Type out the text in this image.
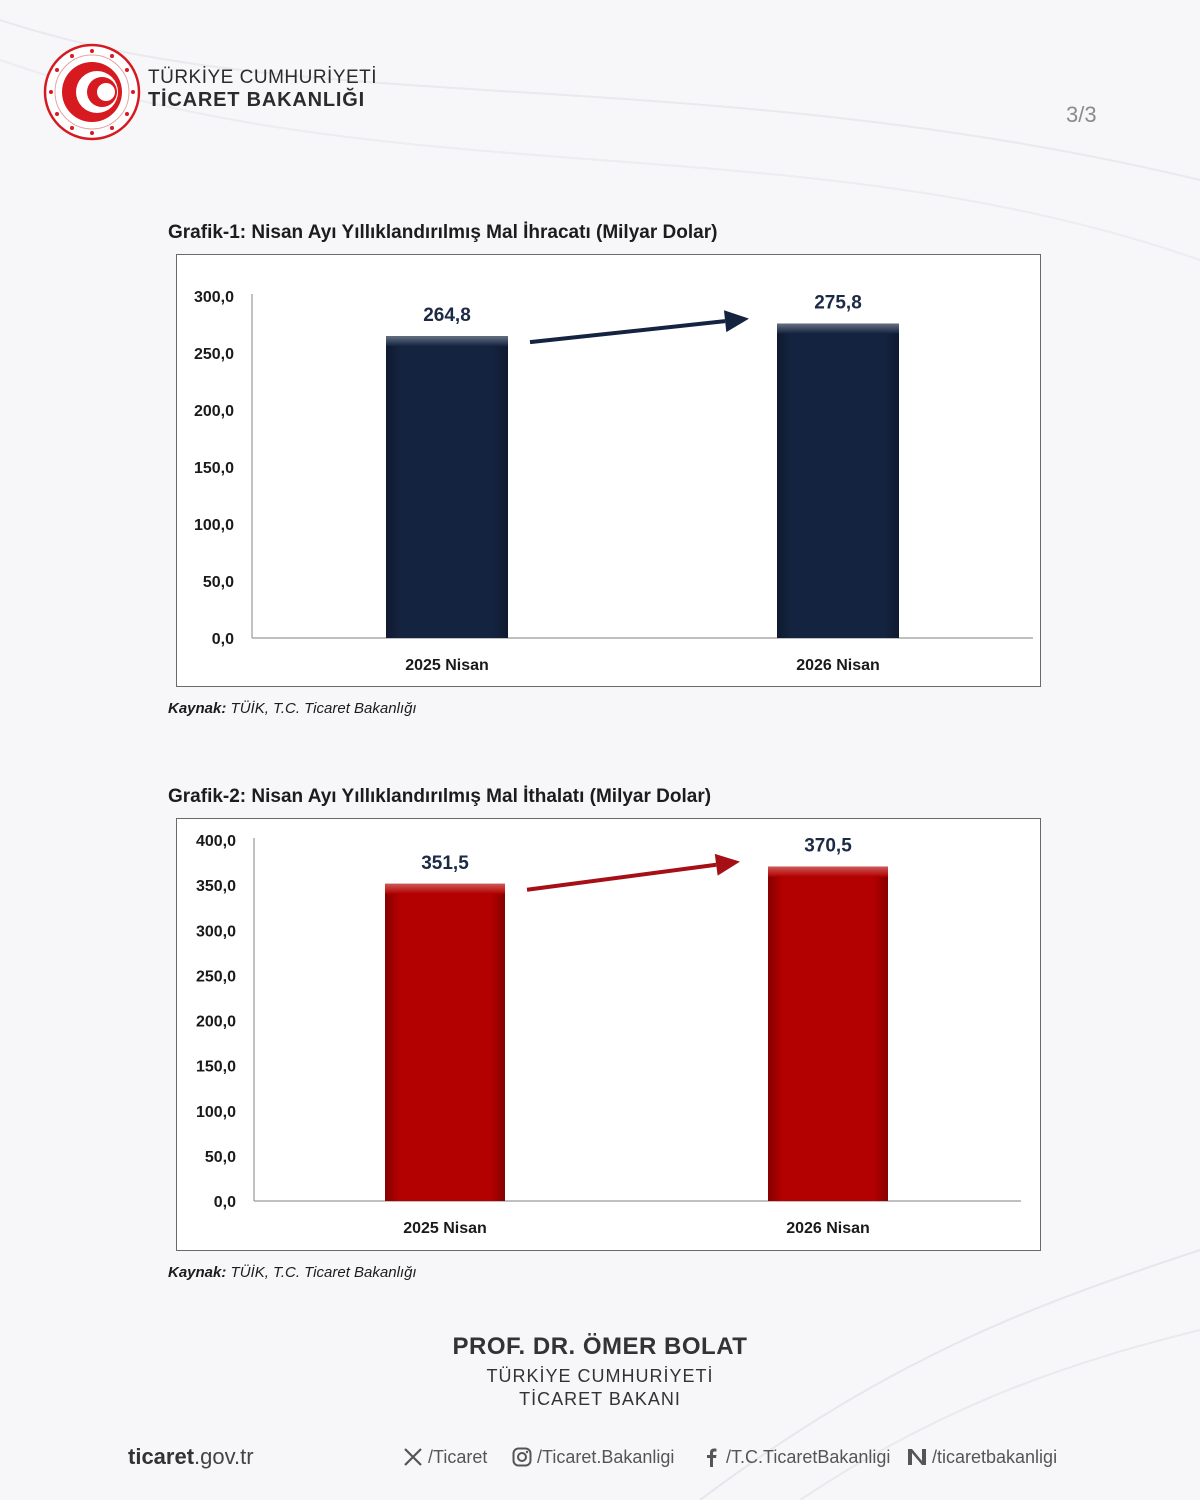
TÜRKİYE CUMHURİYETİ
TİCARET BAKANLIĞI
3/3
Grafik-1: Nisan Ayı Yıllıklandırılmış Mal İhracatı (Milyar Dolar)
0,0
50,0
100,0
150,0
200,0
250,0
300,0
264,8
2025 Nisan
275,8
2026 Nisan
Kaynak: TÜİK, T.C. Ticaret Bakanlığı
Grafik-2: Nisan Ayı Yıllıklandırılmış Mal İthalatı (Milyar Dolar)
0,0
50,0
100,0
150,0
200,0
250,0
300,0
350,0
400,0
351,5
2025 Nisan
370,5
2026 Nisan
Kaynak: TÜİK, T.C. Ticaret Bakanlığı
PROF. DR. ÖMER BOLAT
TÜRKİYE CUMHURİYETİ
TİCARET BAKANI
ticaret.gov.tr	/Ticaret	/Ticaret.Bakanligi	/T.C.TicaretBakanligi /ticaretbakanligi
